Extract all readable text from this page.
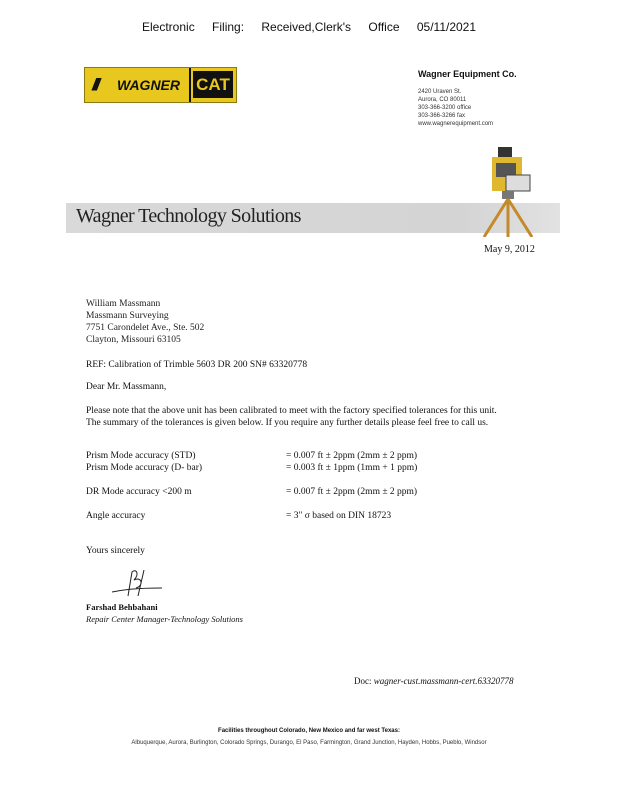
Electronic Filing: Received,Clerk's Office 05/11/2021
/// WAGNER CAT
Wagner Equipment Co.
2420 Uraven St.
Aurora, CO 80011
303-366-3200 office
303-366-3266 fax
www.wagnerequipment.com
Wagner Technology Solutions
May 9, 2012
William Massmann
Massmann Surveying
7751 Carondelet Ave., Ste. 502
Clayton, Missouri 63105
REF: Calibration of Trimble 5603 DR 200 SN# 63320778
Dear Mr. Massmann,
Please note that the above unit has been calibrated to meet with the factory specified tolerances for this unit.
The summary of the tolerances is given below. If you require any further details please feel free to call us.
Prism Mode accuracy (STD)	= 0.007 ft ± 2ppm (2mm ± 2 ppm)
Prism Mode accuracy (D- bar)	= 0.003 ft ± 1ppm (1mm + 1 ppm)
DR Mode accuracy <200 m	= 0.007 ft ± 2ppm (2mm ± 2 ppm)
Angle accuracy	= 3" σ based on DIN 18723
Yours sincerely
Farshad Behbahani
Repair Center Manager-Technology Solutions
Doc: wagner-cust.massmann-cert.63320778
Facilities throughout Colorado, New Mexico and far west Texas:
Albuquerque, Aurora, Burlington, Colorado Springs, Durango, El Paso, Farmington, Grand Junction, Hayden, Hobbs, Pueblo, Windsor
